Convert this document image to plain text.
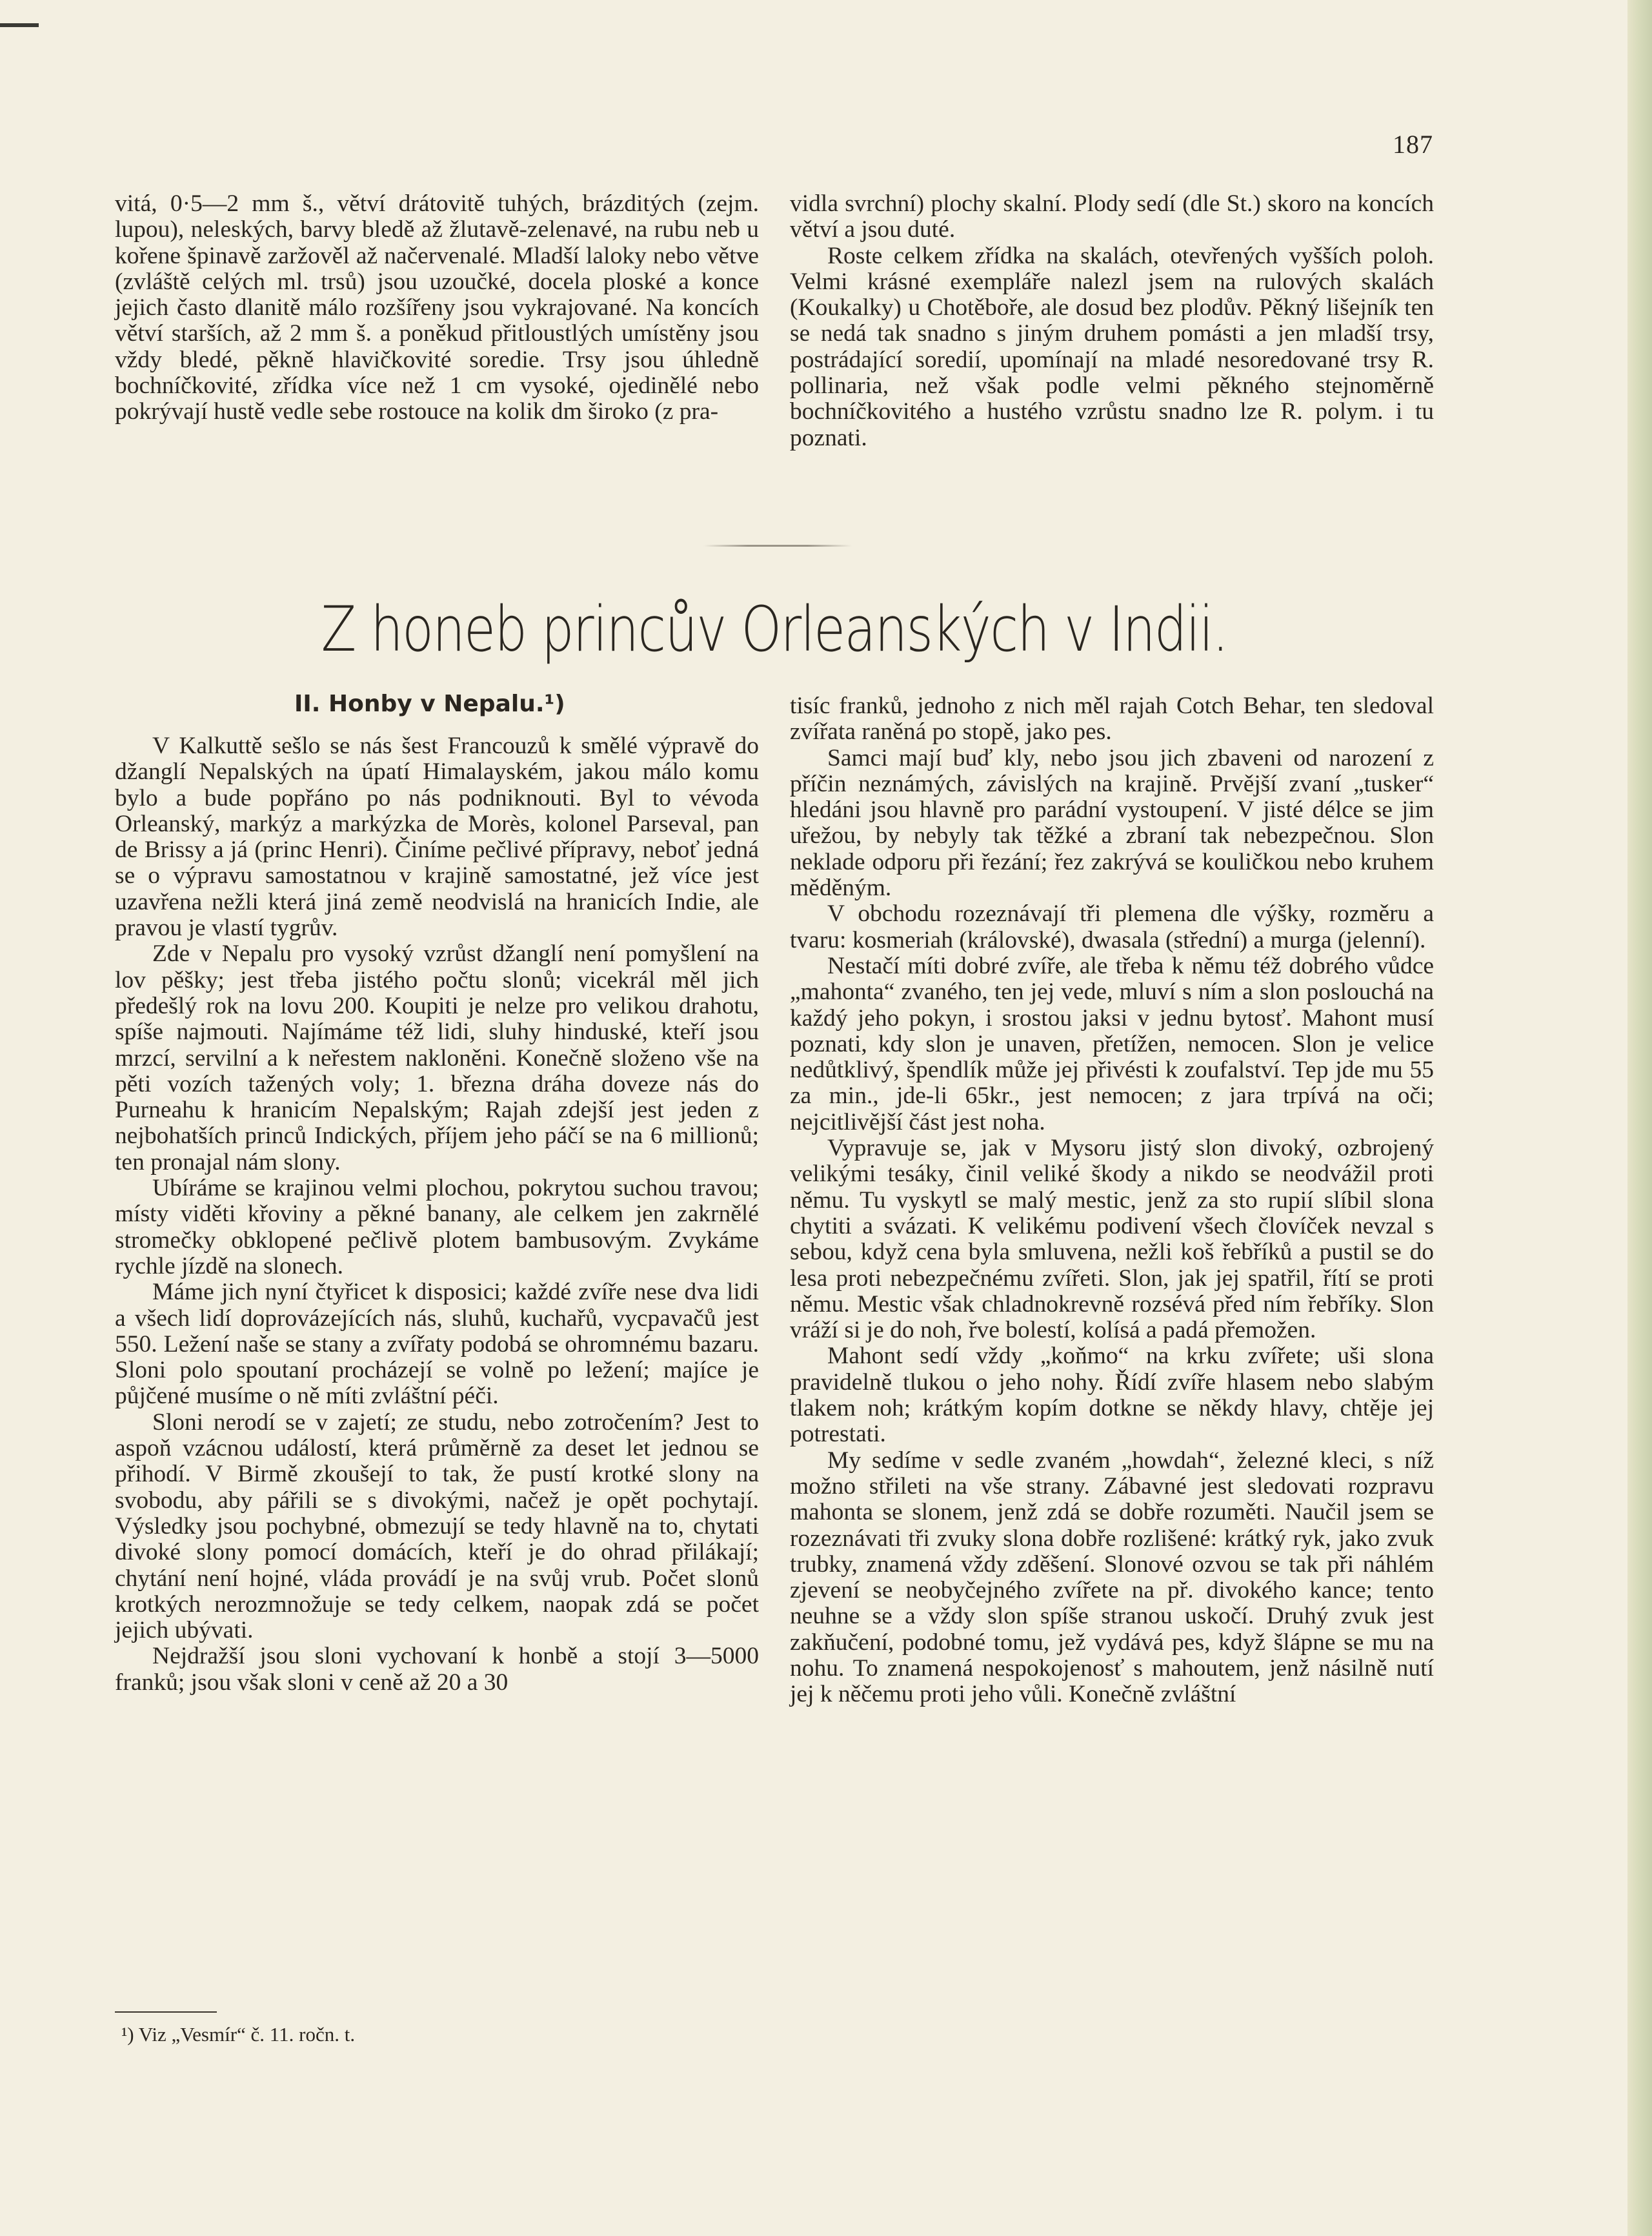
187

vitá, 0·5—2 mm š., větví drátovitě tuhých, brázditých (zejm. lupou), neleských, barvy bledě až žlutavě-zelenavé, na rubu neb u kořene špinavě zaržověl až načervenalé. Mladší laloky nebo větve (zvláště celých ml. trsů) jsou uzoučké, docela ploské a konce jejich často dlanitě málo rozšířeny jsou vykrajované. Na koncích větví starších, až 2 mm š. a poněkud přitloustlých umístěny jsou vždy bledé, pěkně hlavičkovité soredie. Trsy jsou úhledně bochníčkovité, zřídka více než 1 cm vysoké, ojedinělé nebo pokrývají hustě vedle sebe rostouce na kolik dm široko (z pra-

vidla svrchní) plochy skalní. Plody sedí (dle St.) skoro na koncích větví a jsou duté.

Roste celkem zřídka na skalách, otevřených vyšších poloh. Velmi krásné exempláře nalezl jsem na rulových skalách (Koukalky) u Chotěboře, ale dosud bez plodův. Pěkný lišejník ten se nedá tak snadno s jiným druhem pomásti a jen mladší trsy, postrádající soredií, upomínají na mladé nesoredované trsy R. pollinaria, než však podle velmi pěkného stejnoměrně bochníčkovitého a hustého vzrůstu snadno lze R. polym. i tu poznati.

Z honeb princův Orleanských v Indii.
II. Honby v Nepalu.¹)

V Kalkuttě sešlo se nás šest Francouzů k smělé výpravě do džanglí Nepalských na úpatí Himalayském, jakou málo komu bylo a bude popřáno po nás podniknouti. Byl to vévoda Orleanský, markýz a markýzka de Morès, kolonel Parseval, pan de Brissy a já (princ Henri). Činíme pečlivé přípravy, neboť jedná se o výpravu samostatnou v krajině samostatné, jež více jest uzavřena nežli která jiná země neodvislá na hranicích Indie, ale pravou je vlastí tygrův.

Zde v Nepalu pro vysoký vzrůst džanglí není pomyšlení na lov pěšky; jest třeba jistého počtu slonů; vicekrál měl jich předešlý rok na lovu 200. Koupiti je nelze pro velikou drahotu, spíše najmouti. Najímáme též lidi, sluhy hinduské, kteří jsou mrzcí, servilní a k neřestem nakloněni. Konečně složeno vše na pěti vozích tažených voly; 1. března dráha doveze nás do Purneahu k hranicím Nepalským; Rajah zdejší jest jeden z nejbohatších princů Indických, příjem jeho páčí se na 6 millionů; ten pronajal nám slony.

Ubíráme se krajinou velmi plochou, pokrytou suchou travou; místy viděti křoviny a pěkné banany, ale celkem jen zakrnělé stromečky obklopené pečlivě plotem bambusovým. Zvykáme rychle jízdě na slonech.

Máme jich nyní čtyřicet k disposici; každé zvíře nese dva lidi a všech lidí doprovázejících nás, sluhů, kuchařů, vycpavačů jest 550. Ležení naše se stany a zvířaty podobá se ohromnému bazaru. Sloni polo spoutaní procházejí se volně po ležení; majíce je půjčené musíme o ně míti zvláštní péči.

Sloni nerodí se v zajetí; ze studu, nebo zotročením? Jest to aspoň vzácnou událostí, která průměrně za deset let jednou se přihodí. V Birmě zkoušejí to tak, že pustí krotké slony na svobodu, aby pářili se s divokými, načež je opět pochytají. Výsledky jsou pochybné, obmezují se tedy hlavně na to, chytati divoké slony pomocí domácích, kteří je do ohrad přilákají; chytání není hojné, vláda provádí je na svůj vrub. Počet slonů krotkých nerozmnožuje se tedy celkem, naopak zdá se počet jejich ubývati.

Nejdražší jsou sloni vychovaní k honbě a stojí 3—5000 franků; jsou však sloni v ceně až 20 a 30

tisíc franků, jednoho z nich měl rajah Cotch Behar, ten sledoval zvířata raněná po stopě, jako pes.

Samci mají buď kly, nebo jsou jich zbaveni od narození z příčin neznámých, závislých na krajině. Prvější zvaní „tusker“ hledáni jsou hlavně pro parádní vystoupení. V jisté délce se jim uřežou, by nebyly tak těžké a zbraní tak nebezpečnou. Slon neklade odporu při řezání; řez zakrývá se kouličkou nebo kruhem měděným.

V obchodu rozeznávají tři plemena dle výšky, rozměru a tvaru: kosmeriah (královské), dwasala (střední) a murga (jelenní).

Nestačí míti dobré zvíře, ale třeba k němu též dobrého vůdce „mahonta“ zvaného, ten jej vede, mluví s ním a slon poslouchá na každý jeho pokyn, i srostou jaksi v jednu bytosť. Mahont musí poznati, kdy slon je unaven, přetížen, nemocen. Slon je velice nedůtklivý, špendlík může jej přivésti k zoufalství. Tep jde mu 55 za min., jde-li 65kr., jest nemocen; z jara trpívá na oči; nejcitlivější část jest noha.

Vypravuje se, jak v Mysoru jistý slon divoký, ozbrojený velikými tesáky, činil veliké škody a nikdo se neodvážil proti němu. Tu vyskytl se malý mestic, jenž za sto rupií slíbil slona chytiti a svázati. K velikému podivení všech človíček nevzal s sebou, když cena byla smluvena, nežli koš řebříků a pustil se do lesa proti nebezpečnému zvířeti. Slon, jak jej spatřil, řítí se proti němu. Mestic však chladnokrevně rozsévá před ním řebříky. Slon vráží si je do noh, řve bolestí, kolísá a padá přemožen.

Mahont sedí vždy „koňmo“ na krku zvířete; uši slona pravidelně tlukou o jeho nohy. Řídí zvíře hlasem nebo slabým tlakem noh; krátkým kopím dotkne se někdy hlavy, chtěje jej potrestati.

My sedíme v sedle zvaném „howdah“, železné kleci, s níž možno střileti na vše strany. Zábavné jest sledovati rozpravu mahonta se slonem, jenž zdá se dobře rozuměti. Naučil jsem se rozeznávati tři zvuky slona dobře rozlišené: krátký ryk, jako zvuk trubky, znamená vždy zděšení. Slonové ozvou se tak při náhlém zjevení se neobyčejného zvířete na př. divokého kance; tento neuhne se a vždy slon spíše stranou uskočí. Druhý zvuk jest zakňučení, podobné tomu, jež vydává pes, když šlápne se mu na nohu. To znamená nespokojenosť s mahoutem, jenž násilně nutí jej k něčemu proti jeho vůli. Konečně zvláštní

¹) Viz „Vesmír“ č. 11. ročn. t.
